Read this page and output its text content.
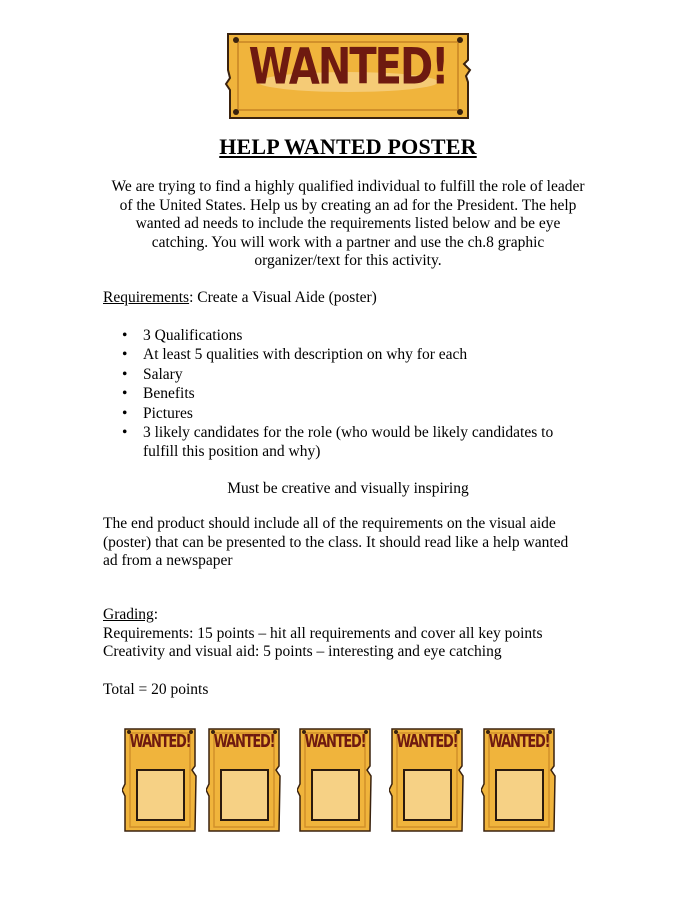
WANTED!
HELP WANTED POSTER

We are trying to find a highly qualified individual to fulfill the role of leader
of the United States. Help us by creating an ad for the President. The help
wanted ad needs to include the requirements listed below and be eye
catching. You will work with a partner and use the ch.8 graphic
organizer/text for this activity.

Requirements: Create a Visual Aide (poster)

• 3 Qualifications
• At least 5 qualities with description on why for each
• Salary
• Benefits
• Pictures
• 3 likely candidates for the role (who would be likely candidates to fulfill this position and why)

Must be creative and visually inspiring

The end product should include all of the requirements on the visual aide
(poster) that can be presented to the class. It should read like a help wanted
ad from a newspaper

Grading:
Requirements: 15 points – hit all requirements and cover all key points
Creativity and visual aid: 5 points – interesting and eye catching

Total = 20 points

WANTED!	WANTED!	WANTED!	WANTED!	WANTED!
